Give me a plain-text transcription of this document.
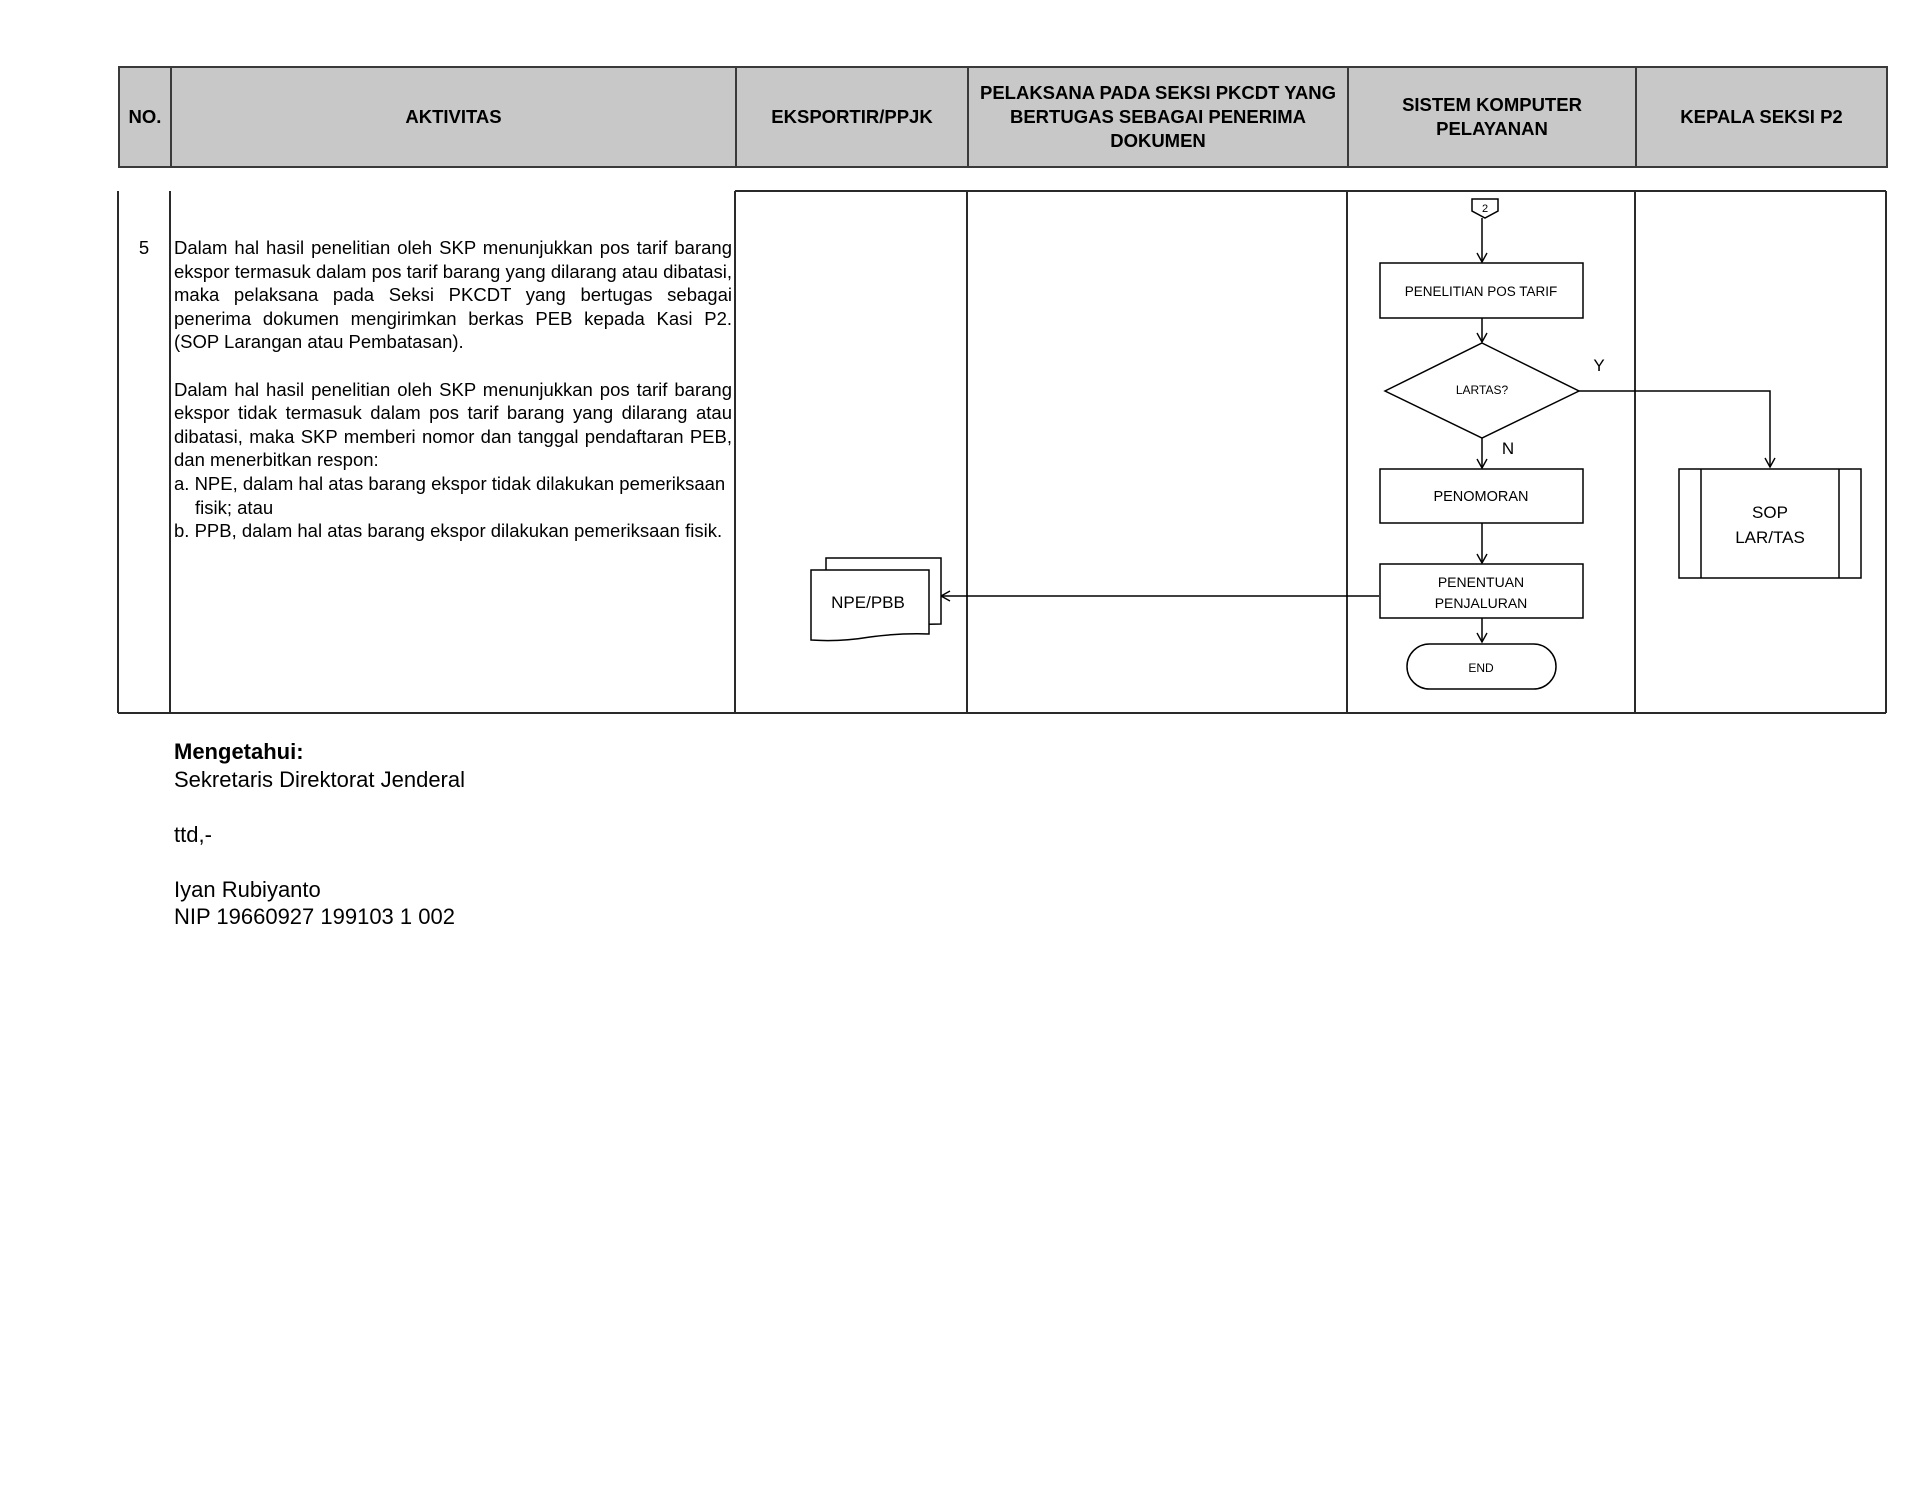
NO.	AKTIVITAS	EKSPORTIR/PPJK	PELAKSANA PADA SEKSI PKCDT YANG BERTUGAS SEBAGAI PENERIMA DOKUMEN	SISTEM KOMPUTER PELAYANAN	KEPALA SEKSI P2
2
PENELITIAN POS TARIF
LARTAS?
Y
N
PENOMORAN
PENENTUAN
PENJALURAN
END
NPE/PBB
SOP
LAR/TAS
5	Dalam hal hasil penelitian oleh SKP menunjukkan pos tarif barang ekspor termasuk dalam pos tarif barang yang dilarang atau dibatasi, maka pelaksana pada Seksi PKCDT yang bertugas sebagai penerima dokumen mengirimkan berkas PEB kepada Kasi P2. (SOP Larangan atau Pembatasan).

Dalam hal hasil penelitian oleh SKP menunjukkan pos tarif barang ekspor tidak termasuk dalam pos tarif barang yang dilarang atau dibatasi, maka SKP memberi nomor dan tanggal pendaftaran PEB, dan menerbitkan respon:

a. NPE, dalam hal atas barang ekspor tidak dilakukan pemeriksaan fisik; atau
b. PPB, dalam hal atas barang ekspor dilakukan pemeriksaan fisik.
Mengetahui:
Sekretaris Direktorat Jenderal
ttd,-
Iyan Rubiyanto
NIP 19660927 199103 1 002
